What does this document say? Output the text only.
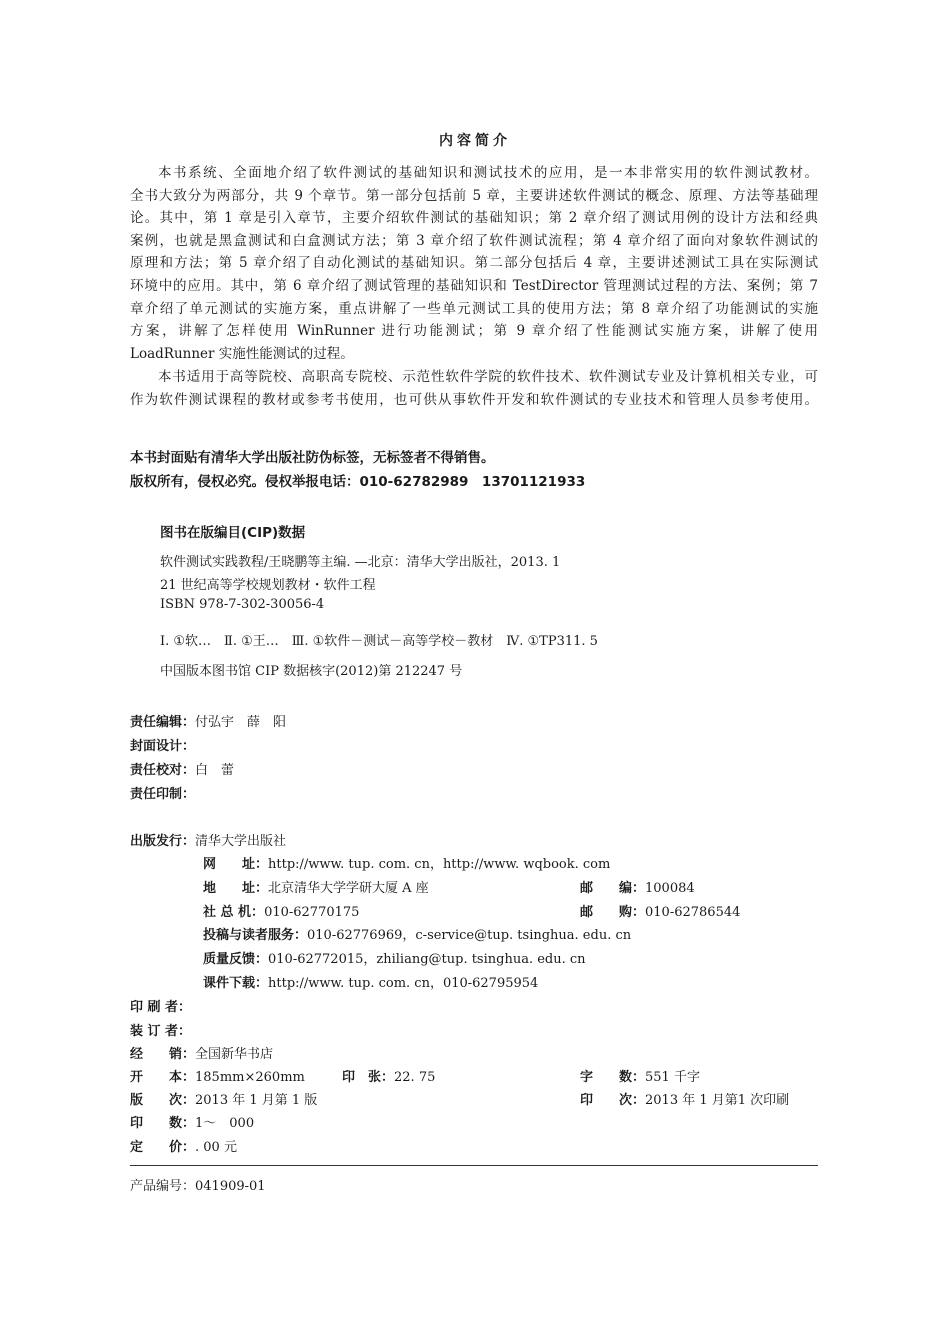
内容简介
本书系统、全面地介绍了软件测试的基础知识和测试技术的应用，是一本非常实用的软件测试教材。
全书大致分为两部分，共 9 个章节。第一部分包括前 5 章，主要讲述软件测试的概念、原理、方法等基础理
论。其中，第 1 章是引入章节，主要介绍软件测试的基础知识；第 2 章介绍了测试用例的设计方法和经典
案例，也就是黑盒测试和白盒测试方法；第 3 章介绍了软件测试流程；第 4 章介绍了面向对象软件测试的
原理和方法；第 5 章介绍了自动化测试的基础知识。第二部分包括后 4 章，主要讲述测试工具在实际测试
环境中的应用。其中，第 6 章介绍了测试管理的基础知识和 TestDirector 管理测试过程的方法、案例；第 7
章介绍了单元测试的实施方案，重点讲解了一些单元测试工具的使用方法；第 8 章介绍了功能测试的实施
方案，讲解了怎样使用 WinRunner 进行功能测试；第 9 章介绍了性能测试实施方案，讲解了使用
LoadRunner 实施性能测试的过程。
本书适用于高等院校、高职高专院校、示范性软件学院的软件技术、软件测试专业及计算机相关专业，可
作为软件测试课程的教材或参考书使用，也可供从事软件开发和软件测试的专业技术和管理人员参考使用。
本书封面贴有清华大学出版社防伪标签，无标签者不得销售。
版权所有，侵权必究。侵权举报电话：010-62782989　13701121933
图书在版编目(CIP)数据
软件测试实践教程/王晓鹏等主编. —北京：清华大学出版社，2013. 1
21 世纪高等学校规划教材・软件工程
ISBN 978-7-302-30056-4
Ⅰ. ①软…　Ⅱ. ①王…　Ⅲ. ①软件－测试－高等学校－教材　Ⅳ. ①TP311. 5
中国版本图书馆 CIP 数据核字(2012)第 212247 号
责任编辑：付弘宇　薛　阳
封面设计：
责任校对：白　蕾
责任印制：
出版发行：清华大学出版社
网　　址：http://www. tup. com. cn，http://www. wqbook. com
地　　址：北京清华大学学研大厦 A 座	邮　　编：100084
社 总 机：010-62770175	邮　　购：010-62786544
投稿与读者服务：010-62776969，c-service@tup. tsinghua. edu. cn
质量反馈：010-62772015，zhiliang@tup. tsinghua. edu. cn
课件下载：http://www. tup. com. cn，010-62795954
印 刷 者：
装 订 者：
经　　销：全国新华书店
开　　本：185mm×260mm	印　张：22. 75	字　　数：551 千字
版　　次：2013 年 1 月第 1 版	印　　次：2013 年 1 月第1 次印刷
印　　数：1～　000
定　　价：. 00 元
产品编号：041909-01
